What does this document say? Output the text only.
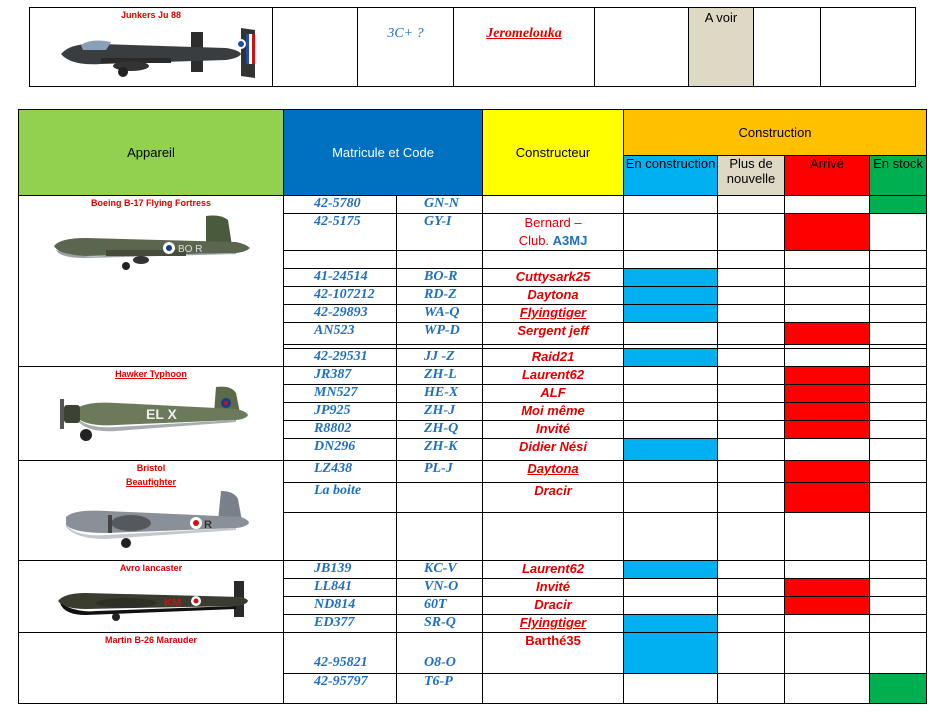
Junkers Ju 88
		3C+ ?	Jeromelouka		A voir		
Appareil	Matricule et Code		Constructeur	Construction			
				En construction	Plus de nouvelle	Arrivé	En stock

Boeing B-17 Flying Fortress
BO R	42-5780	GN-N					
	42-5175	GY-I	Bernard –
Club. A3MJ				

	41-24514	BO-R	Cuttysark25				
	42-107212	RD-Z	Daytona				
	42-29893	WA-Q	Flyingtiger				
	AN523	WP-D	Sergent jeff				

	42-29531	JJ -Z	Raid21				

Hawker Typhoon
EL X	JR387	ZH-L	Laurent62				
	MN527	HE-X	ALF				
	JP925	ZH-J	Moi même				
	R8802	ZH-Q	Invité				
	DN296	ZH-K	Didier Nési				

Bristol
Beaufighter
R	LZ438	PL-J	Daytona				
	La boite		Dracir				

Avro lancaster
KM	JB139	KC-V	Laurent62				
	LL841	VN-O	Invité				
	ND814	60T	Dracir				
	ED377	SR-Q	Flyingtiger				

Martin B-26 Marauder	42-95821	O8-O	Barthé35				
	42-95797	T6-P					
